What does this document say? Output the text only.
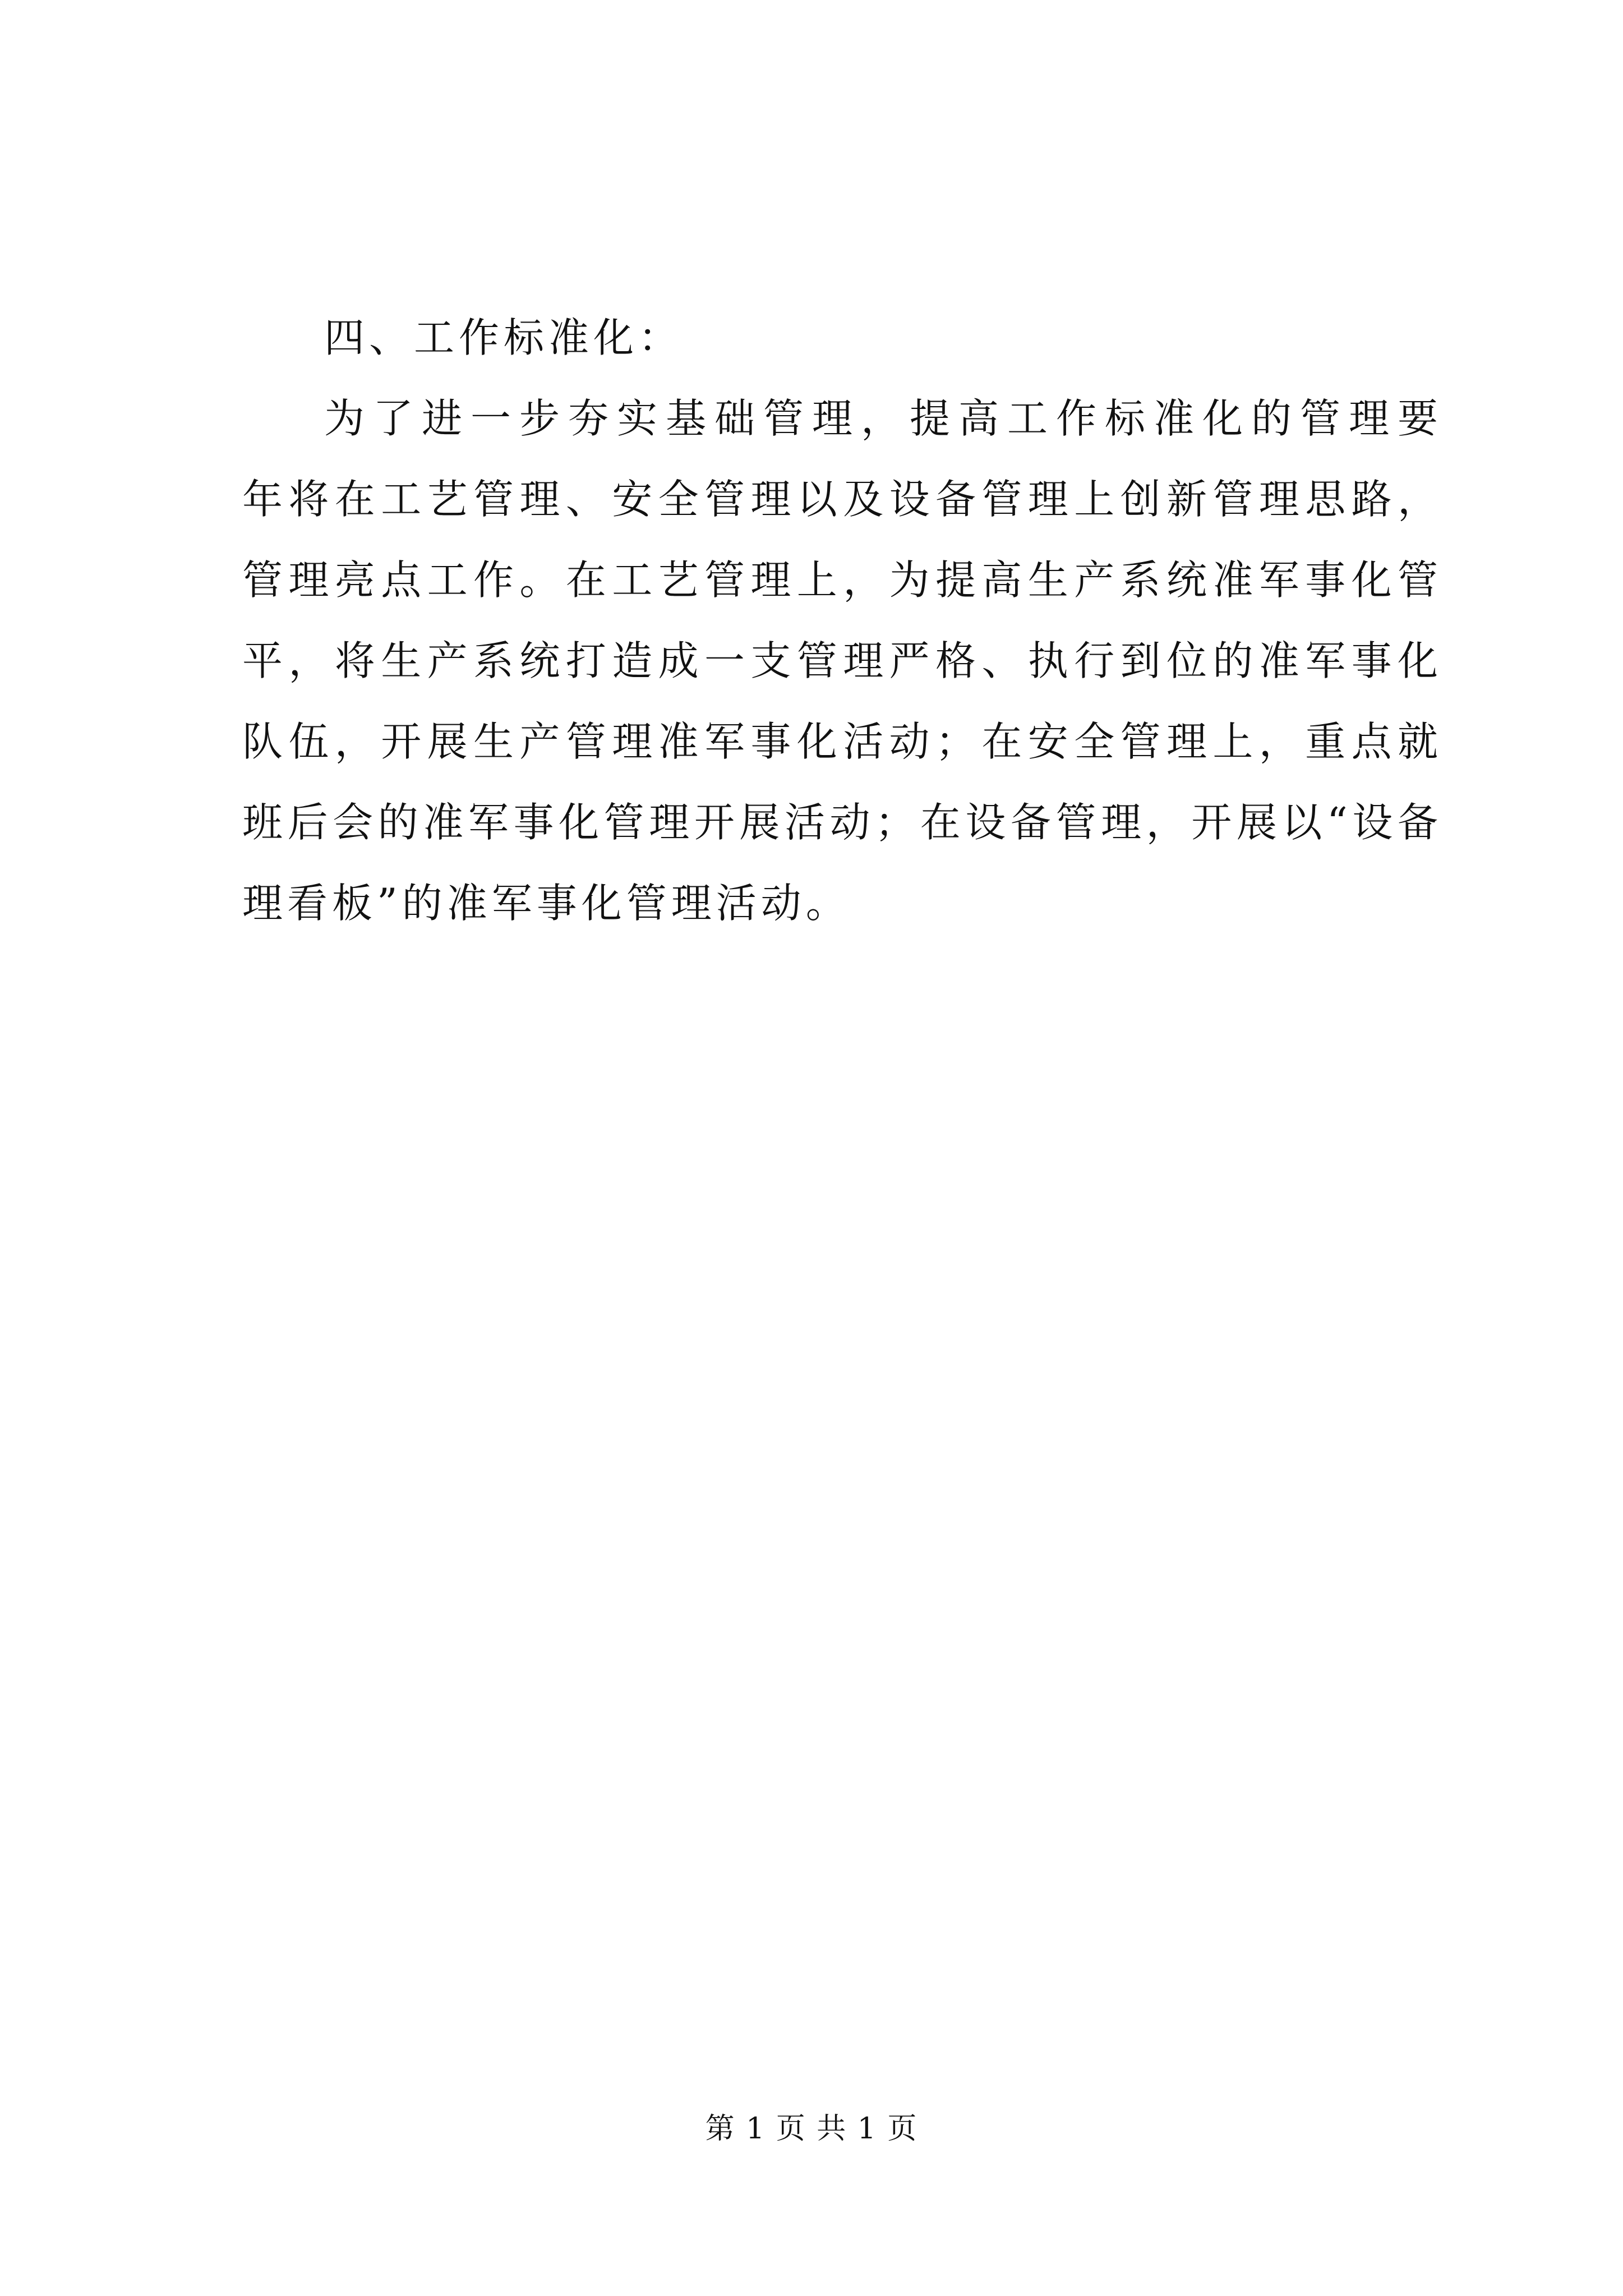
四、工作标准化：
为了进一步夯实基础管理，提高工作标准化的管理要
年将在工艺管理、安全管理以及设备管理上创新管理思路，
管理亮点工作。在工艺管理上，为提高生产系统准军事化管
平，将生产系统打造成一支管理严格、执行到位的准军事化
队伍，开展生产管理准军事化活动；在安全管理上，重点就
班后会的准军事化管理开展活动；在设备管理，开展以“设备
理看板”的准军事化管理活动。
第 1 页 共 1 页
